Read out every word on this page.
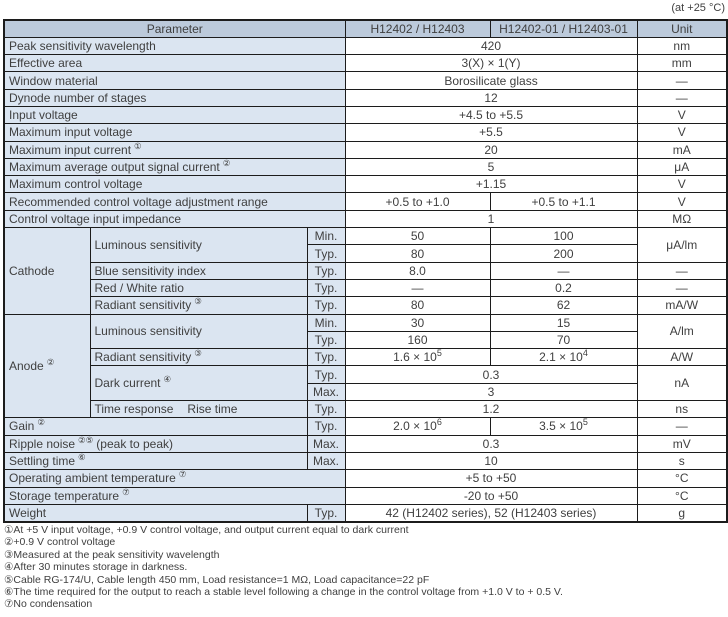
(at +25 °C)
Parameter			H12402 / H12403	H12402-01 / H12403-01	Unit
Peak sensitivity wavelength			420		nm
Effective area			3(X) × 1(Y)		mm
Window material			Borosilicate glass		—
Dynode number of stages			12		—
Input voltage			+4.5 to +5.5		V
Maximum input voltage			+5.5		V
Maximum input current ①			20		mA
Maximum average output signal current ②			5		μA
Maximum control voltage			+1.15		V
Recommended control voltage adjustment range			+0.5 to +1.0	+0.5 to +1.1	V
Control voltage input impedance			1		MΩ
Cathode	Luminous sensitivity	Min.	50	100	μA/lm
		Typ.	80	200	
	Blue sensitivity index	Typ.	8.0	—	—
	Red / White ratio	Typ.	—	0.2	—
	Radiant sensitivity ③	Typ.	80	62	mA/W
Anode ②	Luminous sensitivity	Min.	30	15	A/lm
		Typ.	160	70	
	Radiant sensitivity ③	Typ.	$1.6 \times 10^5$	$2.1 \times 10^4$	A/W
	Dark current ④	Typ.	0.3		nA
		Max.	3		
	Time response Rise time	Typ.	1.2		ns
Gain ②		Typ.	$2.0 \times 10^6$	$3.5 \times 10^5$	—
Ripple noise ②⑤ (peak to peak)		Max.	0.3		mV
Settling time ⑥		Max.	10		s
Operating ambient temperature ⑦			+5 to +50		°C
Storage temperature ⑦			-20 to +50		°C
Weight		Typ.	42 (H12402 series), 52 (H12403 series)		g
①At +5 V input voltage, +0.9 V control voltage, and output current equal to dark current
②+0.9 V control voltage
③Measured at the peak sensitivity wavelength
④After 30 minutes storage in darkness.
⑤Cable RG-174/U, Cable length 450 mm, Load resistance=1 MΩ, Load capacitance=22 pF
⑥The time required for the output to reach a stable level following a change in the control voltage from +1.0 V to + 0.5 V.
⑦No condensation
